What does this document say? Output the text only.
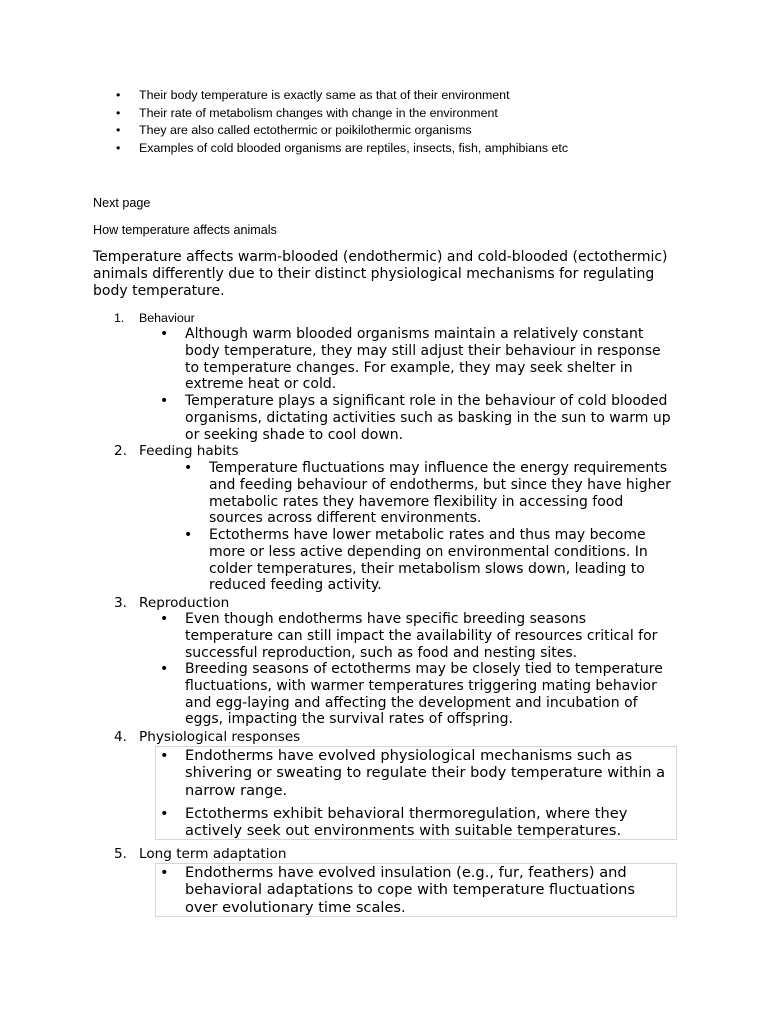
• Their body temperature is exactly same as that of their environment
• Their rate of metabolism changes with change in the environment
• They are also called ectothermic or poikilothermic organisms
• Examples of cold blooded organisms are reptiles, insects, fish, amphibians etc
Next page
How temperature affects animals
Temperature affects warm-blooded (endothermic) and cold-blooded (ectothermic) animals differently due to their distinct physiological mechanisms for regulating body temperature.
1. Behaviour
• Although warm blooded organisms maintain a relatively constant body temperature, they may still adjust their behaviour in response to temperature changes. For example, they may seek shelter in extreme heat or cold.
• Temperature plays a significant role in the behaviour of cold blooded organisms, dictating activities such as basking in the sun to warm up or seeking shade to cool down.
2. Feeding habits
• Temperature fluctuations may influence the energy requirements and feeding behaviour of endotherms, but since they have higher metabolic rates they havemore flexibility in accessing food sources across different environments.
• Ectotherms have lower metabolic rates and thus may become more or less active depending on environmental conditions. In colder temperatures, their metabolism slows down, leading to reduced feeding activity.
3. Reproduction
• Even though endotherms have specific breeding seasons temperature can still impact the availability of resources critical for successful reproduction, such as food and nesting sites.
• Breeding seasons of ectotherms may be closely tied to temperature fluctuations, with warmer temperatures triggering mating behavior and egg-laying and affecting the development and incubation of eggs, impacting the survival rates of offspring.
4. Physiological responses
• Endotherms have evolved physiological mechanisms such as shivering or sweating to regulate their body temperature within a narrow range.
• Ectotherms exhibit behavioral thermoregulation, where they actively seek out environments with suitable temperatures.
5. Long term adaptation
• Endotherms have evolved insulation (e.g., fur, feathers) and behavioral adaptations to cope with temperature fluctuations over evolutionary time scales.
